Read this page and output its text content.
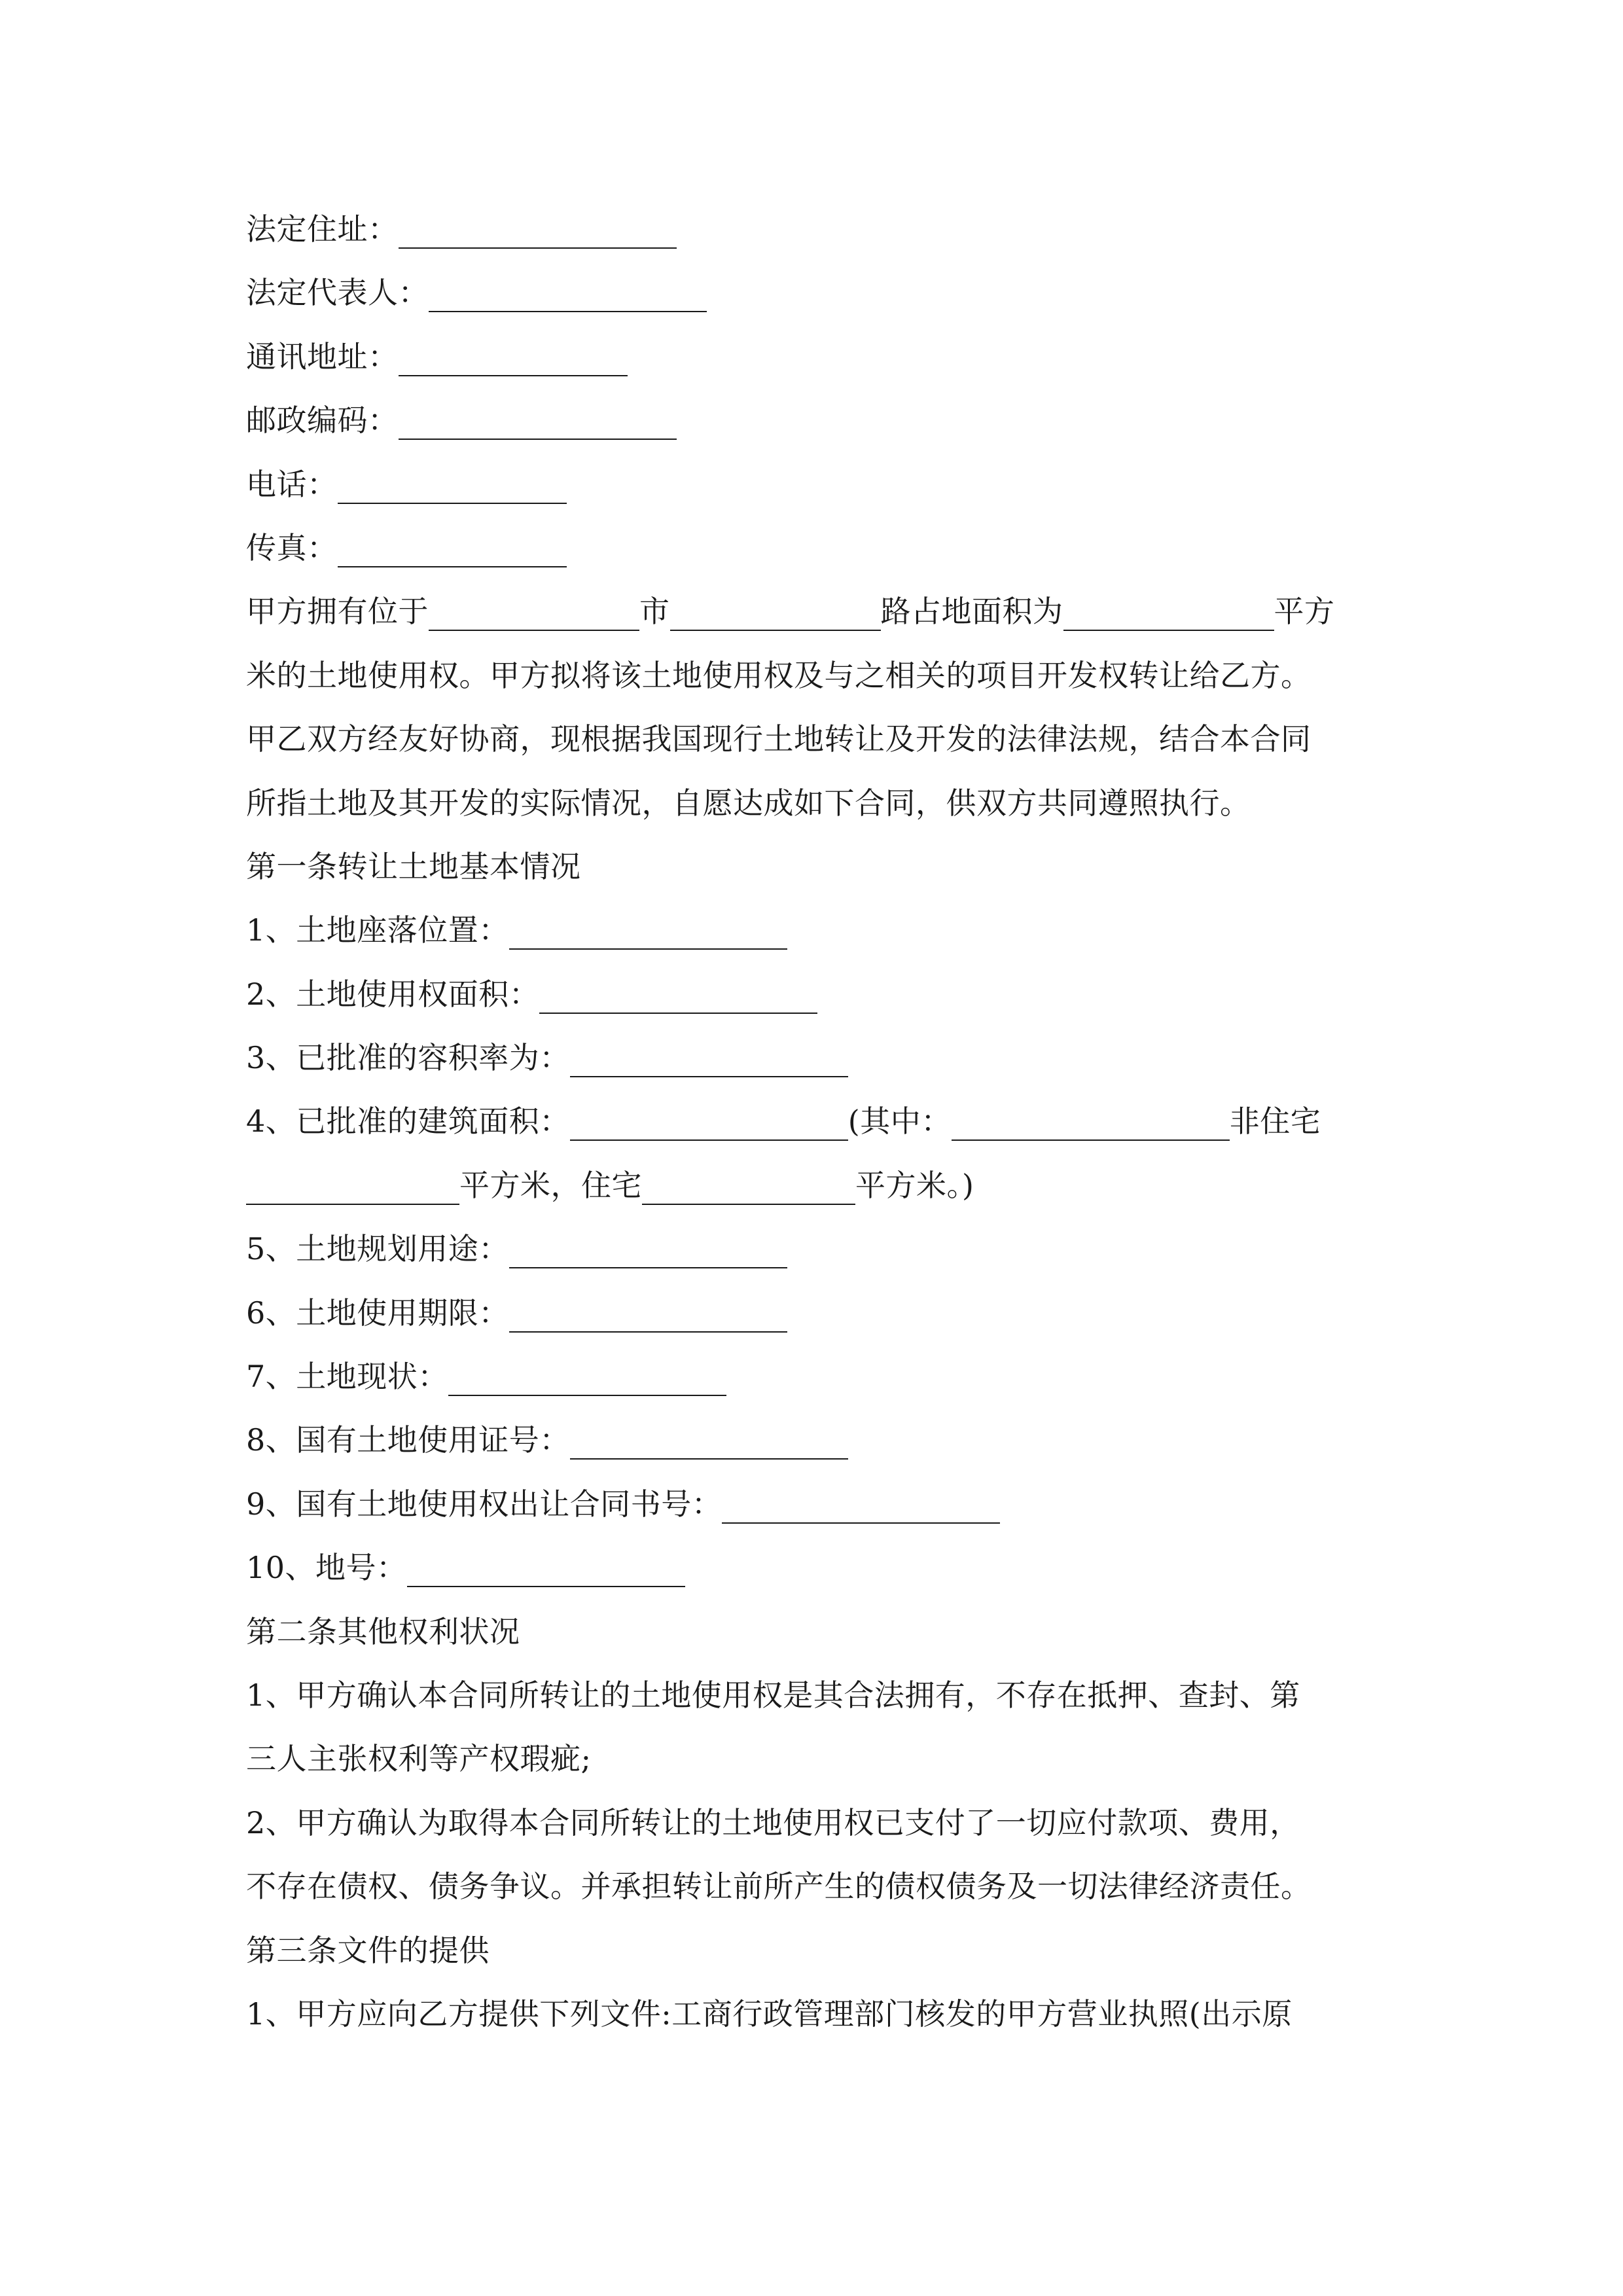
法定住址：
法定代表人：
通讯地址：
邮政编码：
电话：
传真：
甲方拥有位于	市	路占地面积为	平方
米的土地使用权。甲方拟将该土地使用权及与之相关的项目开发权转让给乙方。
甲乙双方经友好协商，现根据我国现行土地转让及开发的法律法规，结合本合同
所指土地及其开发的实际情况，自愿达成如下合同，供双方共同遵照执行。
第一条转让土地基本情况
1、土地座落位置：
2、土地使用权面积：
3、已批准的容积率为：
4、已批准的建筑面积：	(其中：	非住宅
平方米，住宅	平方米。)
5、土地规划用途：
6、土地使用期限：
7、土地现状：
8、国有土地使用证号：
9、国有土地使用权出让合同书号：
10、地号：
第二条其他权利状况
1、甲方确认本合同所转让的土地使用权是其合法拥有，不存在抵押、查封、第
三人主张权利等产权瑕疵;
2、甲方确认为取得本合同所转让的土地使用权已支付了一切应付款项、费用，
不存在债权、债务争议。并承担转让前所产生的债权债务及一切法律经济责任。
第三条文件的提供
1、甲方应向乙方提供下列文件:工商行政管理部门核发的甲方营业执照(出示原
